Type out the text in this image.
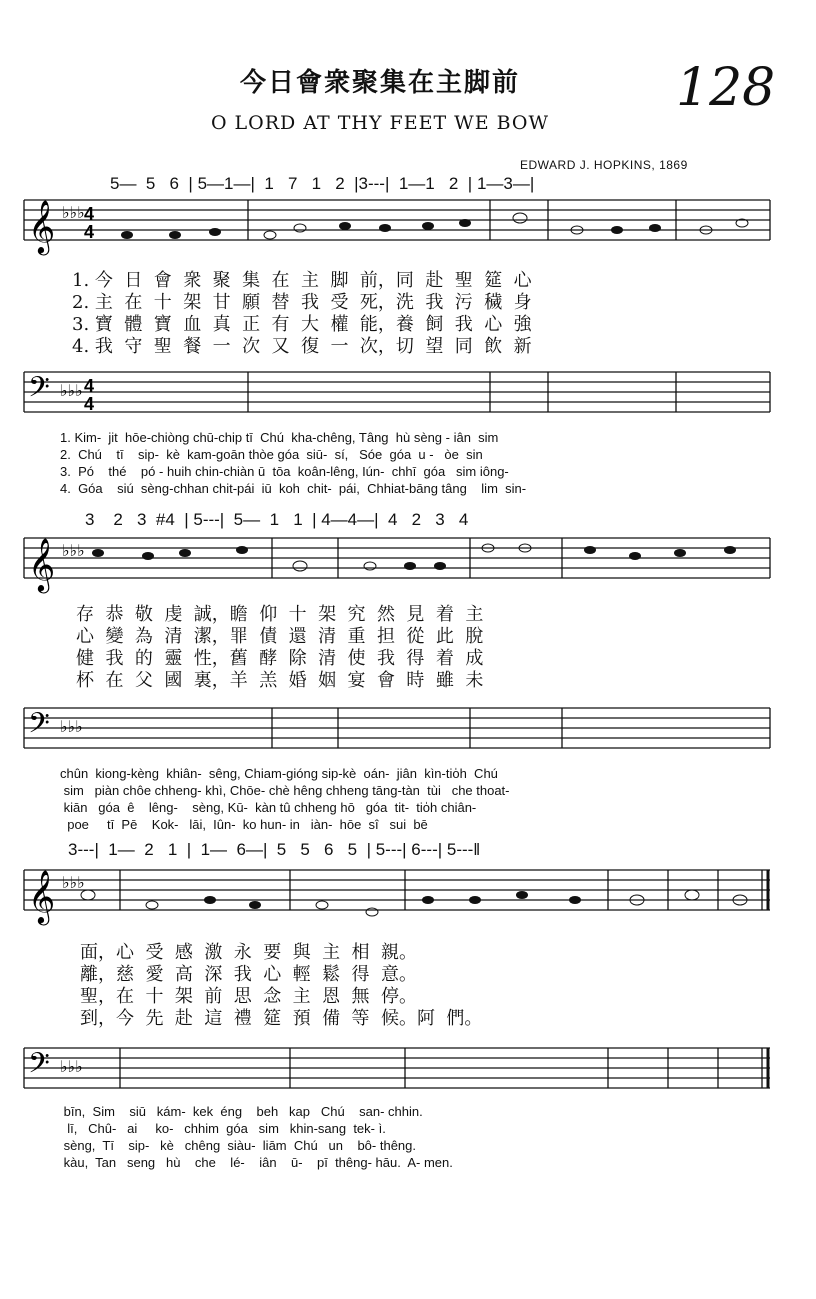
今日會衆聚集在主脚前
O LORD AT THY FEET WE BOW
128
EDWARD J. HOPKINS, 1869
5—  5   6  | 5—1—|  1   7   1   2  |3---|  1—1   2  | 1—3—|
𝄞 ♭♭♭ 4
4
1. 今  日  會  衆  聚  集  在  主  脚  前，同  赴  聖  筵  心
2. 主  在  十  架  甘  願  替  我  受  死，洗  我  污  穢  身
3. 寶  體  寶  血  真  正  有  大  權  能，養  飼  我  心  強
4. 我  守  聖  餐  一  次  又  復  一  次，切  望  同  飲  新
𝄢 ♭♭♭ 4
4
1. Kim-  jit  hōe-chiòng chū-chip tī  Chú  kha-chêng, Tâng  hù sèng - iân  sim
2.  Chú    tī    sip-  kè  kam-goān thòe góa  siū-  sí,   Sóe  góa  u -   òe  sin
3.  Pó    thé    pó - huih chin-chiàn ū  tōa  koân-lêng, Iún-  chhī  góa   sim iông-
4.  Góa    siú  sèng-chhan chit-pái  iū  koh  chit-  pái,  Chhiat-bāng tâng    lim  sin-
3    2   3  #4  | 5---|  5—  1   1  | 4—4—|  4   2   3   4
𝄞 ♭♭♭
存  恭  敬  虔  誠，瞻  仰  十  架  究  然  見  着  主
心  變  為  清  潔，罪  債  還  清  重  担  從  此  脫
健  我  的  靈  性，舊  酵  除  清  使  我  得  着  成
杯  在  父  國  裏，羊  羔  婚  姻  宴  會  時  雖  未
𝄢 ♭♭♭
chûn  kiong-kèng  khiân-  sêng, Chiam-gióng sip-kè  oán-  jiân  kìn-tio̍h  Chú
sim   piàn chôe chheng- khì, Chōe- chè hêng chheng tāng-tàn  tùi   che thoat-
kiān   góa  ê    lêng-    sèng, Kū-  kàn tû chheng hō   góa  tit-  tio̍h chiân-
poe     tī  Pē    Kok-   lāi,  Iûn-  ko hun- in   iàn-  hōe  sî   sui  bē
3---|  1—  2   1  |  1—  6—|  5   5   6   5  | 5---| 6---| 5---‖
𝄞 ♭♭♭
面，心  受  感  激  永  要  與  主  相  親。
離，慈  愛  高  深  我  心  輕  鬆  得  意。
聖，在  十  架  前  思  念  主  恩  無  停。
到，今  先  赴  這  禮  筵  預  備  等  候。阿  們。
𝄢 ♭♭♭
bīn,  Sim    siū   kám-  kek  éng    beh   kap   Chú    san- chhin.
lī,   Chû-   ai     ko-   chhim  góa   sim   khin-sang  tek- ì.
sèng,  Tī    sip-   kè   chêng  siàu-  liām  Chú   un    bô- thêng.
kàu,  Tan   seng   hù    che    lé-    iân    ū-    pī  thêng- hāu.  A- men.
